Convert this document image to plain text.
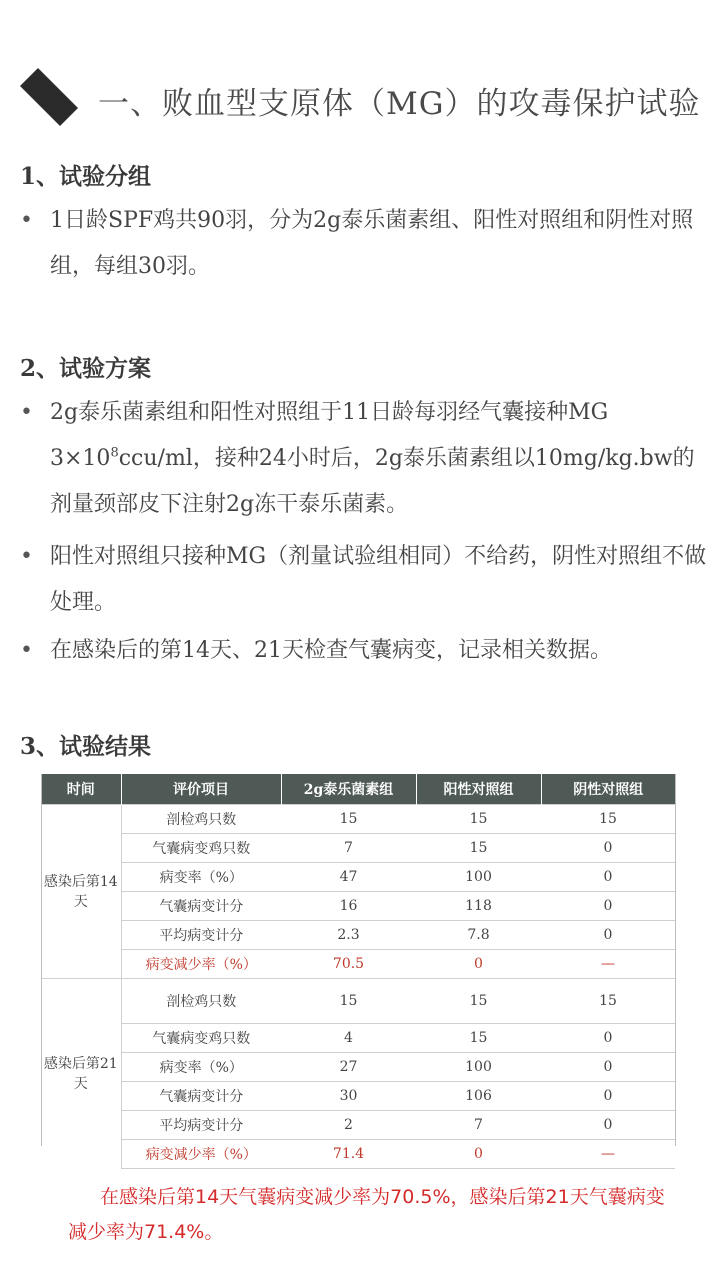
一、败血型支原体（MG）的攻毒保护试验
1、试验分组
• 1日龄SPF鸡共90羽，分为2g泰乐菌素组、阳性对照组和阴性对照组，每组30羽。
2、试验方案
• 2g泰乐菌素组和阳性对照组于11日龄每羽经气囊接种MG $3\times 10^8ccu/ml$，接种24小时后，2g泰乐菌素组以10mg/kg.bw的剂量颈部皮下注射2g冻干泰乐菌素。
• 阳性对照组只接种MG（剂量试验组相同）不给药，阴性对照组不做处理。
• 在感染后的第14天、21天检查气囊病变，记录相关数据。
3、试验结果
时间	评价项目	2g泰乐菌素组	阳性对照组	阴性对照组
感染后第14天	剖检鸡只数	15	15	15
	气囊病变鸡只数	7	15	0
	病变率（%）	47	100	0
	气囊病变计分	16	118	0
	平均病变计分	2.3	7.8	0
	病变减少率（%）	70.5	0	—
感染后第21天	剖检鸡只数	15	15	15
	气囊病变鸡只数	4	15	0
	病变率（%）	27	100	0
	气囊病变计分	30	106	0
	平均病变计分	2	7	0
	病变减少率（%）	71.4	0	—
在感染后第14天气囊病变减少率为70.5%，感染后第21天气囊病变减少率为71.4%。
